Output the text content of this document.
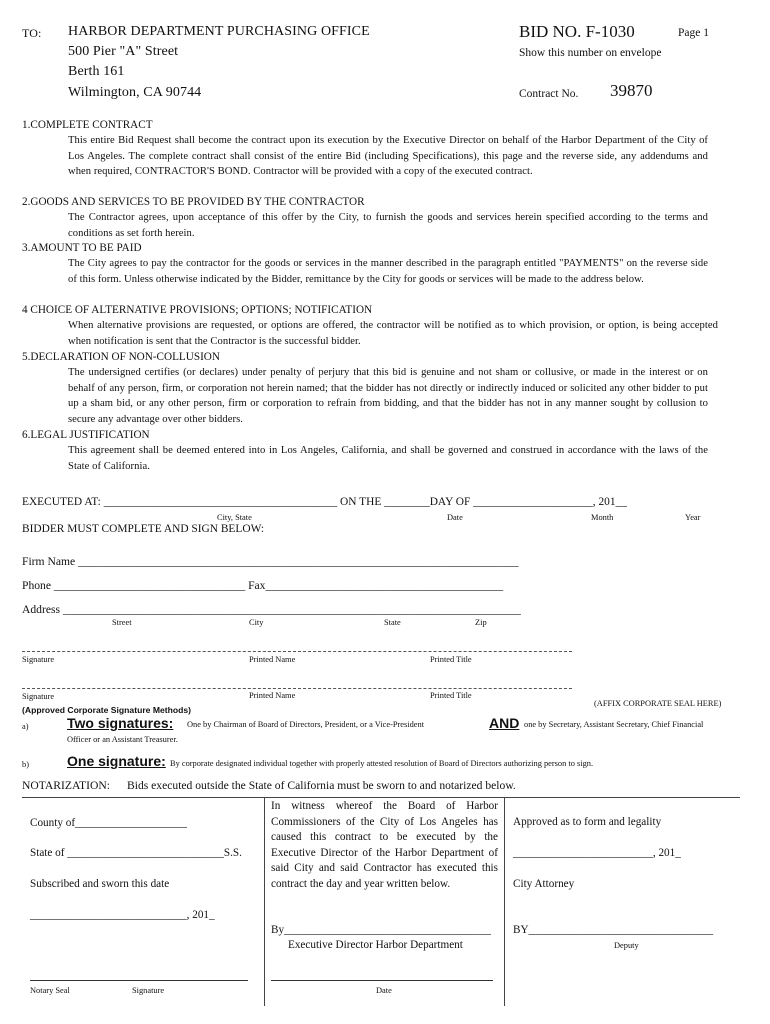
TO: HARBOR DEPARTMENT PURCHASING OFFICE
500 Pier "A" Street
Berth 161
Wilmington, CA 90744
BID NO. F-1030	Page 1
Show this number on envelope
Contract No. 39870
1.COMPLETE CONTRACT
This entire Bid Request shall become the contract upon its execution by the Executive Director on behalf of the Harbor Department of the City of Los Angeles. The complete contract shall consist of the entire Bid (including Specifications), this page and the reverse side, any addendums and when required, CONTRACTOR'S BOND. Contractor will be provided with a copy of the executed contract.
2.GOODS AND SERVICES TO BE PROVIDED BY THE CONTRACTOR
The Contractor agrees, upon acceptance of this offer by the City, to furnish the goods and services herein specified according to the terms and conditions as set forth herein.
3.AMOUNT TO BE PAID
The City agrees to pay the contractor for the goods or services in the manner described in the paragraph entitled "PAYMENTS" on the reverse side of this form. Unless otherwise indicated by the Bidder, remittance by the City for goods or services will be made to the address below.
4 CHOICE OF ALTERNATIVE PROVISIONS; OPTIONS; NOTIFICATION
When alternative provisions are requested, or options are offered, the contractor will be notified as to which provision, or option, is being accepted when notification is sent that the Contractor is the successful bidder.
5.DECLARATION OF NON-COLLUSION
The undersigned certifies (or declares) under penalty of perjury that this bid is genuine and not sham or collusive, or made in the interest or on behalf of any person, firm, or corporation not herein named; that the bidder has not directly or indirectly induced or solicited any other bidder to put up a sham bid, or any other person, firm or corporation to refrain from bidding, and that the bidder has not in any manner sought by collusion to secure any advantage over other bidders.
6.LEGAL JUSTIFICATION
This agreement shall be deemed entered into in Los Angeles, California, and shall be governed and construed in accordance with the laws of the State of California.
EXECUTED AT: _________________________________________ ON THE ________DAY OF _____________________, 201__
City, State	Date	Month	Year
BIDDER MUST COMPLETE AND SIGN BELOW:
Firm Name ____________________________________________________________________________
Phone _________________________________ Fax_________________________________________
Address _______________________________________________________________________________
Street	City	State	Zip
Signature	Printed Name	Printed Title
Signature	Printed Name	Printed Title
(AFFIX CORPORATE SEAL HERE)
(Approved Corporate Signature Methods)
a)	Two signatures: One by Chairman of Board of Directors, President, or a Vice-President	AND one by Secretary, Assistant Secretary, Chief Financial
Officer or an Assistant Treasurer.
b)	One signature: By corporate designated individual together with properly attested resolution of Board of Directors authorizing person to sign.
NOTARIZATION: Bids executed outside the State of California must be sworn to and notarized below.
County of____________________
State of ____________________________S.S.
Subscribed and sworn this date
____________________________, 201_
Notary Seal	Signature
In witness whereof the Board of Harbor Commissioners of the City of Los Angeles has caused this contract to be executed by the Executive Director of the Harbor Department of said City and said Contractor has executed this contract the day and year written below.
By_____________________________________
Executive Director Harbor Department
Date
Approved as to form and legality
_________________________, 201_
City Attorney
BY_________________________________
Deputy
